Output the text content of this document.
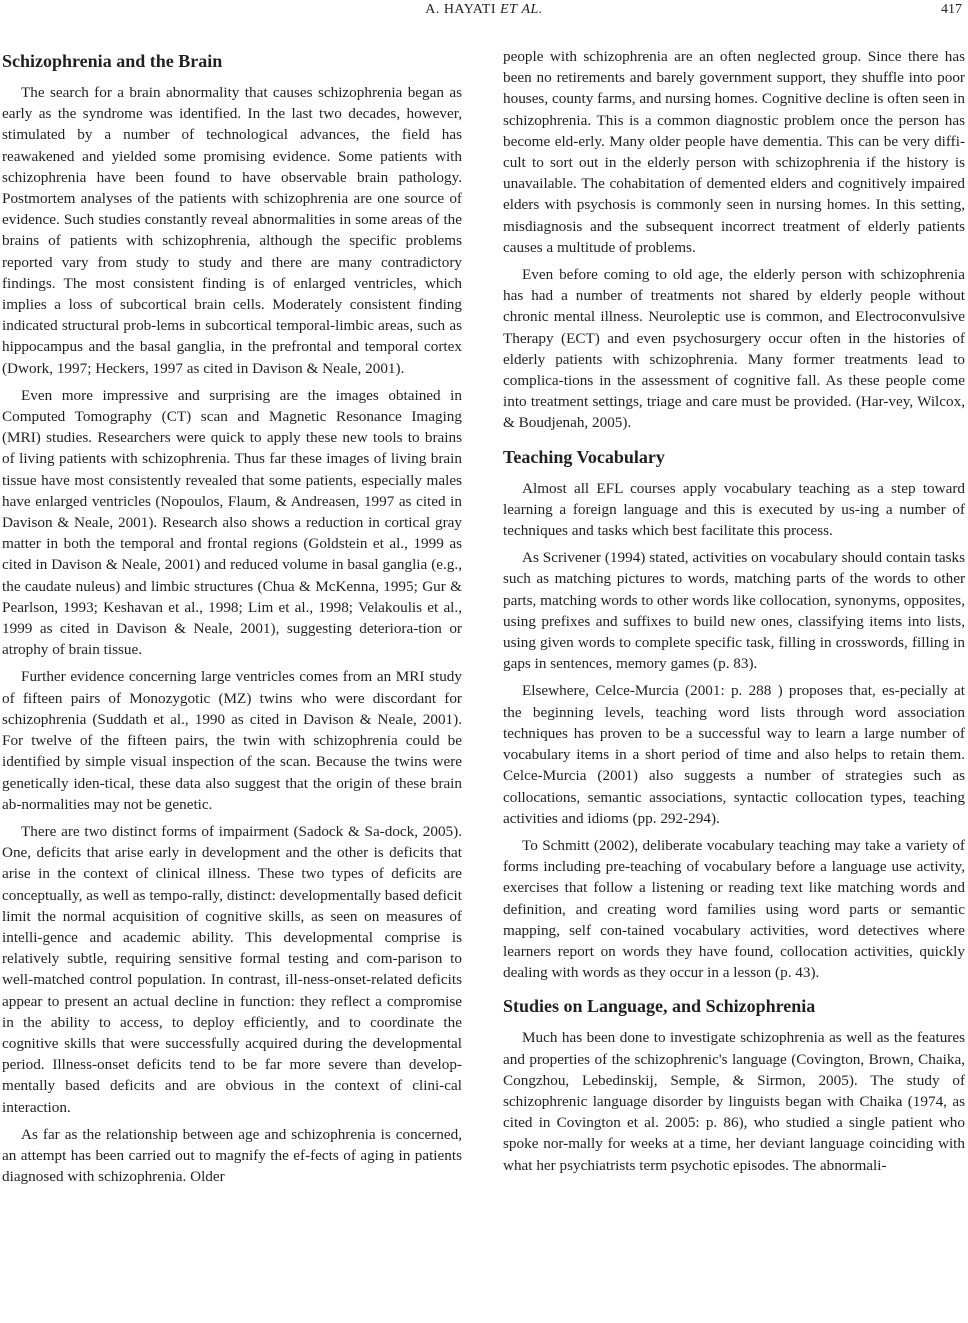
A. HAYATI ET AL.	417
Schizophrenia and the Brain

The search for a brain abnormality that causes schizophrenia began as early as the syndrome was identified. In the last two decades, however, stimulated by a number of technological advances, the field has reawakened and yielded some promising evidence. Some patients with schizophrenia have been found to have observable brain pathology. Postmortem analyses of the patients with schizophrenia are one source of evidence. Such studies constantly reveal abnormalities in some areas of the brains of patients with schizophrenia, although the specific problems reported vary from study to study and there are many contradictory findings. The most consistent finding is of enlarged ventricles, which implies a loss of subcortical brain cells. Moderately consistent finding indicated structural prob-lems in subcortical temporal-limbic areas, such as hippocampus and the basal ganglia, in the prefrontal and temporal cortex (Dwork, 1997; Heckers, 1997 as cited in Davison & Neale, 2001).

Even more impressive and surprising are the images obtained in Computed Tomography (CT) scan and Magnetic Resonance Imaging (MRI) studies. Researchers were quick to apply these new tools to brains of living patients with schizophrenia. Thus far these images of living brain tissue have most consistently revealed that some patients, especially males have enlarged ventricles (Nopoulos, Flaum, & Andreasen, 1997 as cited in Davison & Neale, 2001). Research also shows a reduction in cortical gray matter in both the temporal and frontal regions (Goldstein et al., 1999 as cited in Davison & Neale, 2001) and reduced volume in basal ganglia (e.g., the caudate nuleus) and limbic structures (Chua & McKenna, 1995; Gur & Pearlson, 1993; Keshavan et al., 1998; Lim et al., 1998; Velakoulis et al., 1999 as cited in Davison & Neale, 2001), suggesting deteriora-tion or atrophy of brain tissue.

Further evidence concerning large ventricles comes from an MRI study of fifteen pairs of Monozygotic (MZ) twins who were discordant for schizophrenia (Suddath et al., 1990 as cited in Davison & Neale, 2001). For twelve of the fifteen pairs, the twin with schizophrenia could be identified by simple visual inspection of the scan. Because the twins were genetically iden-tical, these data also suggest that the origin of these brain ab-normalities may not be genetic.

There are two distinct forms of impairment (Sadock & Sa-dock, 2005). One, deficits that arise early in development and the other is deficits that arise in the context of clinical illness. These two types of deficits are conceptually, as well as tempo-rally, distinct: developmentally based deficit limit the normal acquisition of cognitive skills, as seen on measures of intelli-gence and academic ability. This developmental comprise is relatively subtle, requiring sensitive formal testing and com-parison to well-matched control population. In contrast, ill-ness-onset-related deficits appear to present an actual decline in function: they reflect a compromise in the ability to access, to deploy efficiently, and to coordinate the cognitive skills that were successfully acquired during the developmental period. Illness-onset deficits tend to be far more severe than develop-mentally based deficits and are obvious in the context of clini-cal interaction.

As far as the relationship between age and schizophrenia is concerned, an attempt has been carried out to magnify the ef-fects of aging in patients diagnosed with schizophrenia. Older

people with schizophrenia are an often neglected group. Since there has been no retirements and barely government support, they shuffle into poor houses, county farms, and nursing homes. Cognitive decline is often seen in schizophrenia. This is a common diagnostic problem once the person has become eld-erly. Many older people have dementia. This can be very diffi-cult to sort out in the elderly person with schizophrenia if the history is unavailable. The cohabitation of demented elders and cognitively impaired elders with psychosis is commonly seen in nursing homes. In this setting, misdiagnosis and the subsequent incorrect treatment of elderly patients causes a multitude of problems.

Even before coming to old age, the elderly person with schizophrenia has had a number of treatments not shared by elderly people without chronic mental illness. Neuroleptic use is common, and Electroconvulsive Therapy (ECT) and even psychosurgery occur often in the histories of elderly patients with schizophrenia. Many former treatments lead to complica-tions in the assessment of cognitive fall. As these people come into treatment settings, triage and care must be provided. (Har-vey, Wilcox, & Boudjenah, 2005).

Teaching Vocabulary

Almost all EFL courses apply vocabulary teaching as a step toward learning a foreign language and this is executed by us-ing a number of techniques and tasks which best facilitate this process.

As Scrivener (1994) stated, activities on vocabulary should contain tasks such as matching pictures to words, matching parts of the words to other parts, matching words to other words like collocation, synonyms, opposites, using prefixes and suffixes to build new ones, classifying items into lists, using given words to complete specific task, filling in crosswords, filling in gaps in sentences, memory games (p. 83).

Elsewhere, Celce-Murcia (2001: p. 288 ) proposes that, es-pecially at the beginning levels, teaching word lists through word association techniques has proven to be a successful way to learn a large number of vocabulary items in a short period of time and also helps to retain them. Celce-Murcia (2001) also suggests a number of strategies such as collocations, semantic associations, syntactic collocation types, teaching activities and idioms (pp. 292-294).

To Schmitt (2002), deliberate vocabulary teaching may take a variety of forms including pre-teaching of vocabulary before a language use activity, exercises that follow a listening or reading text like matching words and definition, and creating word families using word parts or semantic mapping, self con-tained vocabulary activities, word detectives where learners report on words they have found, collocation activities, quickly dealing with words as they occur in a lesson (p. 43).

Studies on Language, and Schizophrenia

Much has been done to investigate schizophrenia as well as the features and properties of the schizophrenic's language (Covington, Brown, Chaika, Congzhou, Lebedinskij, Semple, & Sirmon, 2005). The study of schizophrenic language disorder by linguists began with Chaika (1974, as cited in Covington et al. 2005: p. 86), who studied a single patient who spoke nor-mally for weeks at a time, her deviant language coinciding with what her psychiatrists term psychotic episodes. The abnormali-
